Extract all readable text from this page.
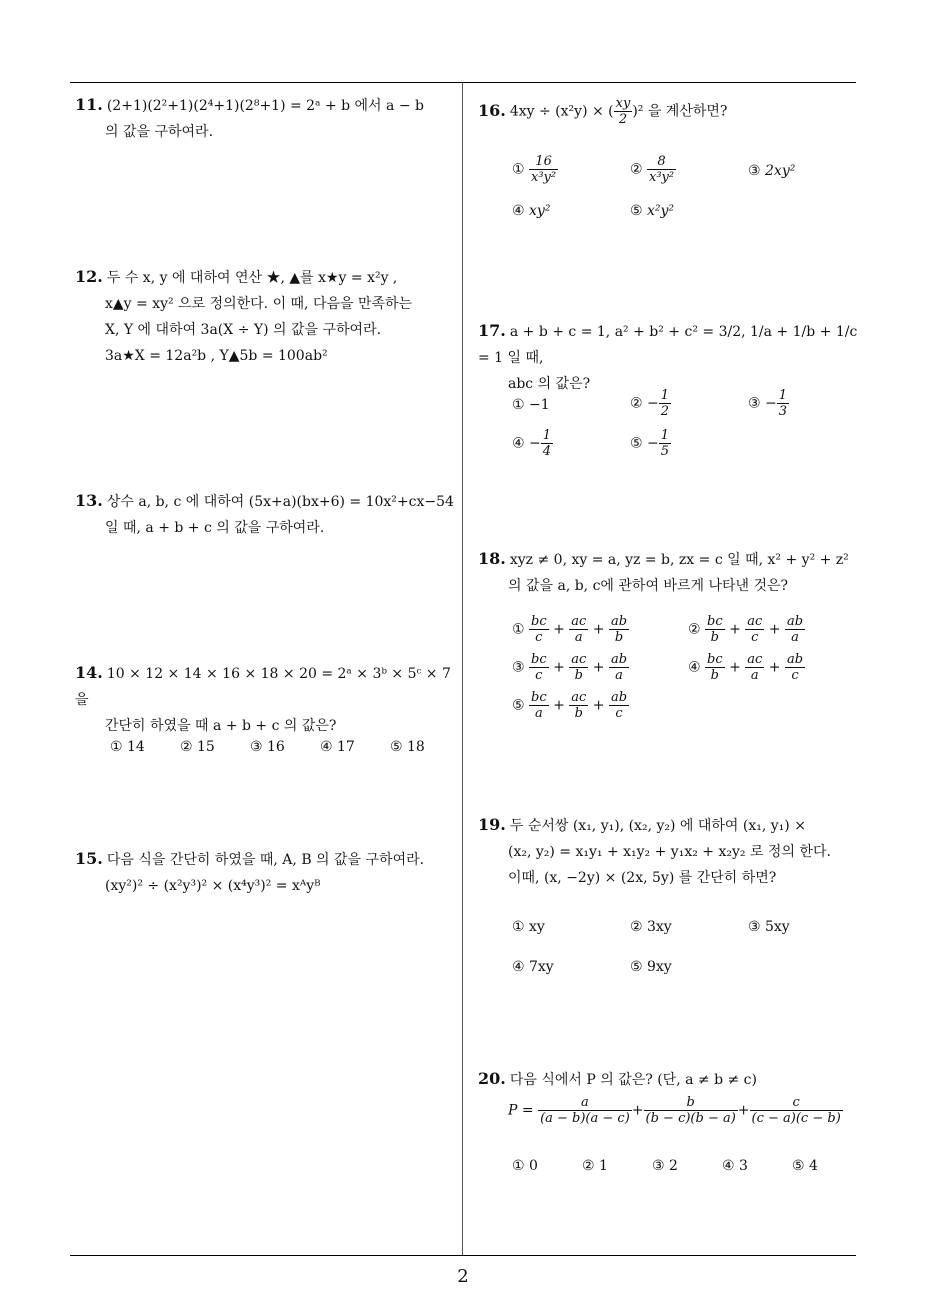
2
11. (2+1)(2²+1)(2⁴+1)(2⁸+1) = 2ᵃ + b 에서 a − b
의 값을 구하여라.
12. 두 수 x, y 에 대하여 연산 ★, ▲를 x★y = x²y ,
x▲y = xy² 으로 정의한다. 이 때, 다음을 만족하는
X, Y 에 대하여 3a(X ÷ Y) 의 값을 구하여라.
3a★X = 12a²b , Y▲5b = 100ab²
13. 상수 a, b, c 에 대하여 (5x+a)(bx+6) = 10x²+cx−54
일 때, a + b + c 의 값을 구하여라.
14. 10 × 12 × 14 × 16 × 18 × 20 = 2ᵃ × 3ᵇ × 5ᶜ × 7 을
간단히 하였을 때 a + b + c 의 값은?
① 14	② 15	③ 16	④ 17	⑤ 18
15. 다음 식을 간단히 하였을 때, A, B 의 값을 구하여라.
(xy²)² ÷ (x²y³)² × (x⁴y³)² = xᴬyᴮ
16. 4xy ÷ (x²y) × ( $\frac{xy}{2} )^2$ 을 계산하면?
① $\frac{16}{\text{x³y²}}$	② $\frac{8}{\text{x³y²}}$	③ 2xy²
④ xy²	⑤ x²y²
17. a + b + c = 1, a² + b² + c² = 3/2, 1/a + 1/b + 1/c = 1 일 때,
abc 의 값은?
① −1	② − $\frac{1}{2}$	③ − $\frac{1}{3}$
④ − $\frac{1}{4}$	⑤ − $\frac{1}{5}$
18. xyz ≠ 0, xy = a, yz = b, zx = c 일 때, x² + y² + z²
의 값을 a, b, c에 관하여 바르게 나타낸 것은?
① $\frac{bc}{c} + \frac{ac}{a} + \frac{ab}{b}$	② $\frac{bc}{b} + \frac{ac}{c} + \frac{ab}{a}$
③ $\frac{bc}{c} + \frac{ac}{b} + \frac{ab}{a}$	④ $\frac{bc}{b} + \frac{ac}{a} + \frac{ab}{c}$
⑤ $\frac{bc}{a} + \frac{ac}{b} + \frac{ab}{c}$
19. 두 순서쌍 (x₁, y₁), (x₂, y₂) 에 대하여 (x₁, y₁) ×
(x₂, y₂) = x₁y₁ + x₁y₂ + y₁x₂ + x₂y₂ 로 정의 한다.
이때, (x, −2y) × (2x, 5y) 를 간단히 하면?
① xy	② 3xy	③ 5xy
④ 7xy	⑤ 9xy
20. 다음 식에서 P 의 값은? (단, a ≠ b ≠ c)
$P = \frac{a}{(a - b)(a - c)} + \frac{b}{(b - c)(b - a)} + \frac{c}{(c - a)(c - b)}$
① 0	② 1	③ 2	④ 3	⑤ 4
